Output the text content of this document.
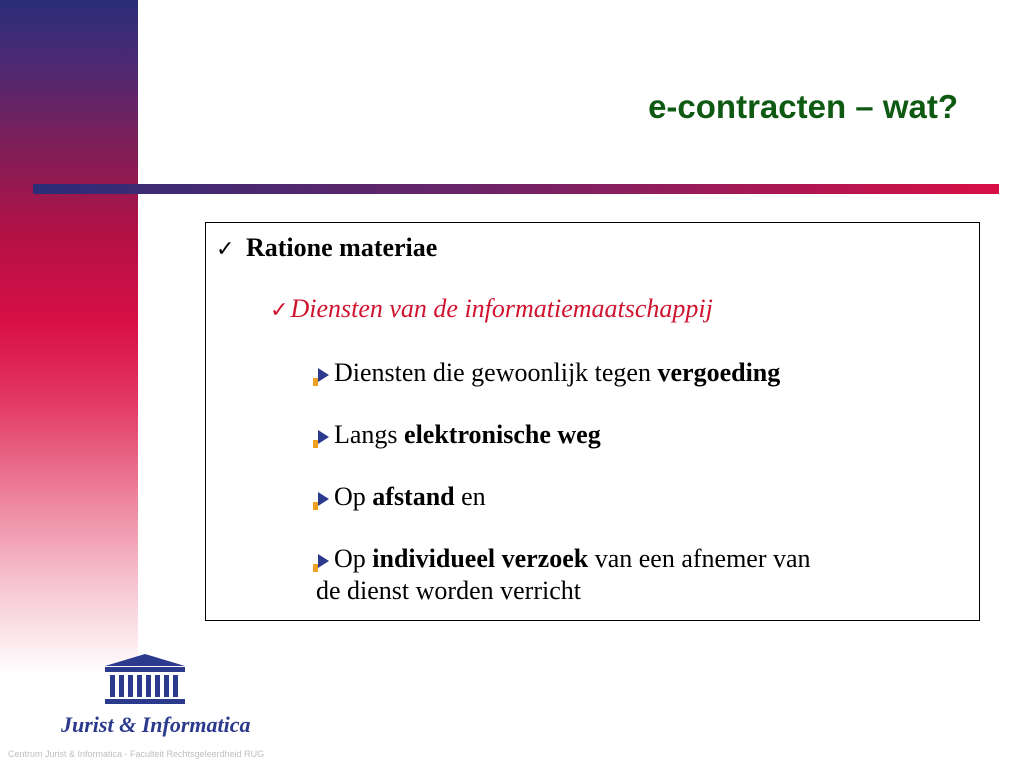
e-contracten – wat?
✓ Ratione materiae
✓Diensten van de informatiemaatschappij
Diensten die gewoonlijk tegen vergoeding
Langs elektronische weg
Op afstand en
Op individueel verzoek van een afnemer van
de dienst worden verricht
Jurist & Informatica
Centrum Jurist & Informatica - Faculteit Rechtsgeleerdheid RUG
